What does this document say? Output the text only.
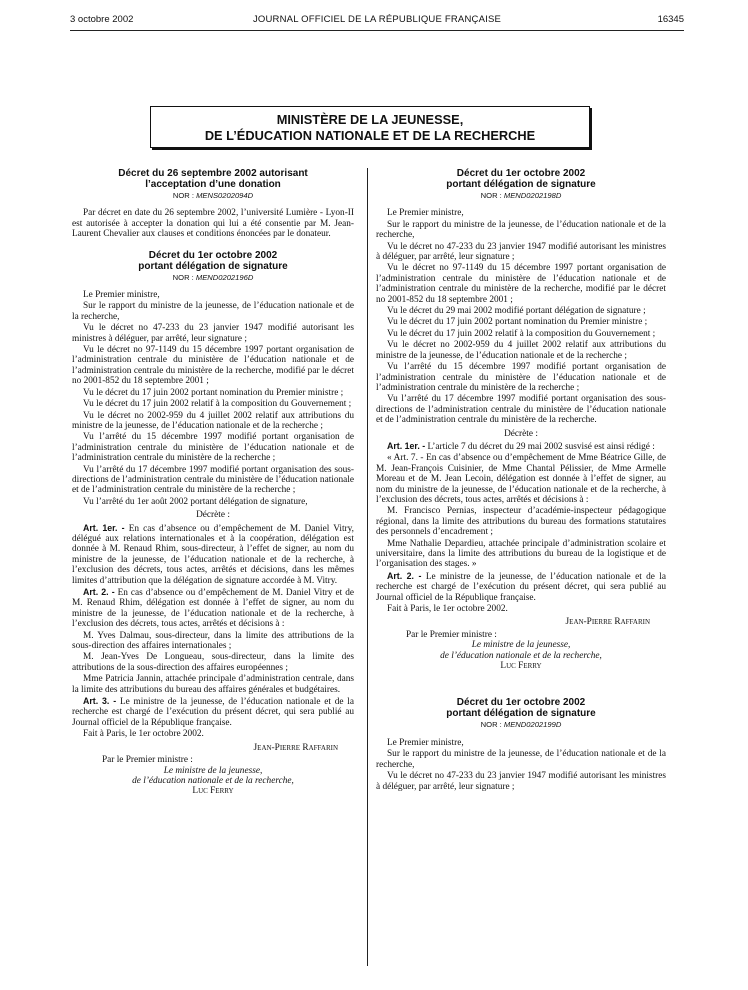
3 octobre 2002	JOURNAL OFFICIEL DE LA RÉPUBLIQUE FRANÇAISE	16345
MINISTÈRE DE LA JEUNESSE,
DE L’ÉDUCATION NATIONALE ET DE LA RECHERCHE
Décret du 26 septembre 2002 autorisant
l’acceptation d’une donation
NOR : MENS0202094D

Par décret en date du 26 septembre 2002, l’université Lumière - Lyon-II est autorisée à accepter la donation qui lui a été consentie par M. Jean-Laurent Chevalier aux clauses et conditions énoncées par le donateur.

Décret du 1er octobre 2002
portant délégation de signature
NOR : MEND0202196D

Le Premier ministre,

Sur le rapport du ministre de la jeunesse, de l’éducation nationale et de la recherche,

Vu le décret no 47-233 du 23 janvier 1947 modifié autorisant les ministres à déléguer, par arrêté, leur signature ;

Vu le décret no 97-1149 du 15 décembre 1997 portant organisation de l’administration centrale du ministère de l’éducation nationale et de l’administration centrale du ministère de la recherche, modifié par le décret no 2001-852 du 18 septembre 2001 ;

Vu le décret du 17 juin 2002 portant nomination du Premier ministre ;

Vu le décret du 17 juin 2002 relatif à la composition du Gouvernement ;

Vu le décret no 2002-959 du 4 juillet 2002 relatif aux attributions du ministre de la jeunesse, de l’éducation nationale et de la recherche ;

Vu l’arrêté du 15 décembre 1997 modifié portant organisation de l’administration centrale du ministère de l’éducation nationale et de l’administration centrale du ministère de la recherche ;

Vu l’arrêté du 17 décembre 1997 modifié portant organisation des sous-directions de l’administration centrale du ministère de l’éducation nationale et de l’administration centrale du ministère de la recherche ;

Vu l’arrêté du 1er août 2002 portant délégation de signature,

Décrète :

Art. 1er. - En cas d’absence ou d’empêchement de M. Daniel Vitry, délégué aux relations internationales et à la coopération, délégation est donnée à M. Renaud Rhim, sous-directeur, à l’effet de signer, au nom du ministre de la jeunesse, de l’éducation nationale et de la recherche, à l’exclusion des décrets, tous actes, arrêtés et décisions, dans les mêmes limites d’attribution que la délégation de signature accordée à M. Vitry.

Art. 2. - En cas d’absence ou d’empêchement de M. Daniel Vitry et de M. Renaud Rhim, délégation est donnée à l’effet de signer, au nom du ministre de la jeunesse, de l’éducation nationale et de la recherche, à l’exclusion des décrets, tous actes, arrêtés et décisions à :

M. Yves Dalmau, sous-directeur, dans la limite des attributions de la sous-direction des affaires internationales ;

M. Jean-Yves De Longueau, sous-directeur, dans la limite des attributions de la sous-direction des affaires européennes ;

Mme Patricia Jannin, attachée principale d’administration centrale, dans la limite des attributions du bureau des affaires générales et budgétaires.

Art. 3. - Le ministre de la jeunesse, de l’éducation nationale et de la recherche est chargé de l’exécution du présent décret, qui sera publié au Journal officiel de la République française.

Fait à Paris, le 1er octobre 2002.

Jean-Pierre Raffarin

Par le Premier ministre :

Le ministre de la jeunesse,

de l’éducation nationale et de la recherche,

Luc Ferry

Décret du 1er octobre 2002
portant délégation de signature
NOR : MEND0202198D

Le Premier ministre,

Sur le rapport du ministre de la jeunesse, de l’éducation nationale et de la recherche,

Vu le décret no 47-233 du 23 janvier 1947 modifié autorisant les ministres à déléguer, par arrêté, leur signature ;

Vu le décret no 97-1149 du 15 décembre 1997 portant organisation de l’administration centrale du ministère de l’éducation nationale et de l’administration centrale du ministère de la recherche, modifié par le décret no 2001-852 du 18 septembre 2001 ;

Vu le décret du 29 mai 2002 modifié portant délégation de signature ;

Vu le décret du 17 juin 2002 portant nomination du Premier ministre ;

Vu le décret du 17 juin 2002 relatif à la composition du Gouvernement ;

Vu le décret no 2002-959 du 4 juillet 2002 relatif aux attributions du ministre de la jeunesse, de l’éducation nationale et de la recherche ;

Vu l’arrêté du 15 décembre 1997 modifié portant organisation de l’administration centrale du ministère de l’éducation nationale et de l’administration centrale du ministère de la recherche ;

Vu l’arrêté du 17 décembre 1997 modifié portant organisation des sous-directions de l’administration centrale du ministère de l’éducation nationale et de l’administration centrale du ministère de la recherche.

Décrète :

Art. 1er. - L’article 7 du décret du 29 mai 2002 susvisé est ainsi rédigé :

« Art. 7. - En cas d’absence ou d’empêchement de Mme Béatrice Gille, de M. Jean-François Cuisinier, de Mme Chantal Pélissier, de Mme Armelle Moreau et de M. Jean Lecoin, délégation est donnée à l’effet de signer, au nom du ministre de la jeunesse, de l’éducation nationale et de la recherche, à l’exclusion des décrets, tous actes, arrêtés et décisions à :

M. Francisco Pernias, inspecteur d’académie-inspecteur pédagogique régional, dans la limite des attributions du bureau des formations statutaires des personnels d’encadrement ;

Mme Nathalie Depardieu, attachée principale d’administration scolaire et universitaire, dans la limite des attributions du bureau de la logistique et de l’organisation des stages. »

Art. 2. - Le ministre de la jeunesse, de l’éducation nationale et de la recherche est chargé de l’exécution du présent décret, qui sera publié au Journal officiel de la République française.

Fait à Paris, le 1er octobre 2002.

Jean-Pierre Raffarin

Par le Premier ministre :

Le ministre de la jeunesse,

de l’éducation nationale et de la recherche,

Luc Ferry

Décret du 1er octobre 2002
portant délégation de signature
NOR : MEND0202199D

Le Premier ministre,

Sur le rapport du ministre de la jeunesse, de l’éducation nationale et de la recherche,

Vu le décret no 47-233 du 23 janvier 1947 modifié autorisant les ministres à déléguer, par arrêté, leur signature ;
